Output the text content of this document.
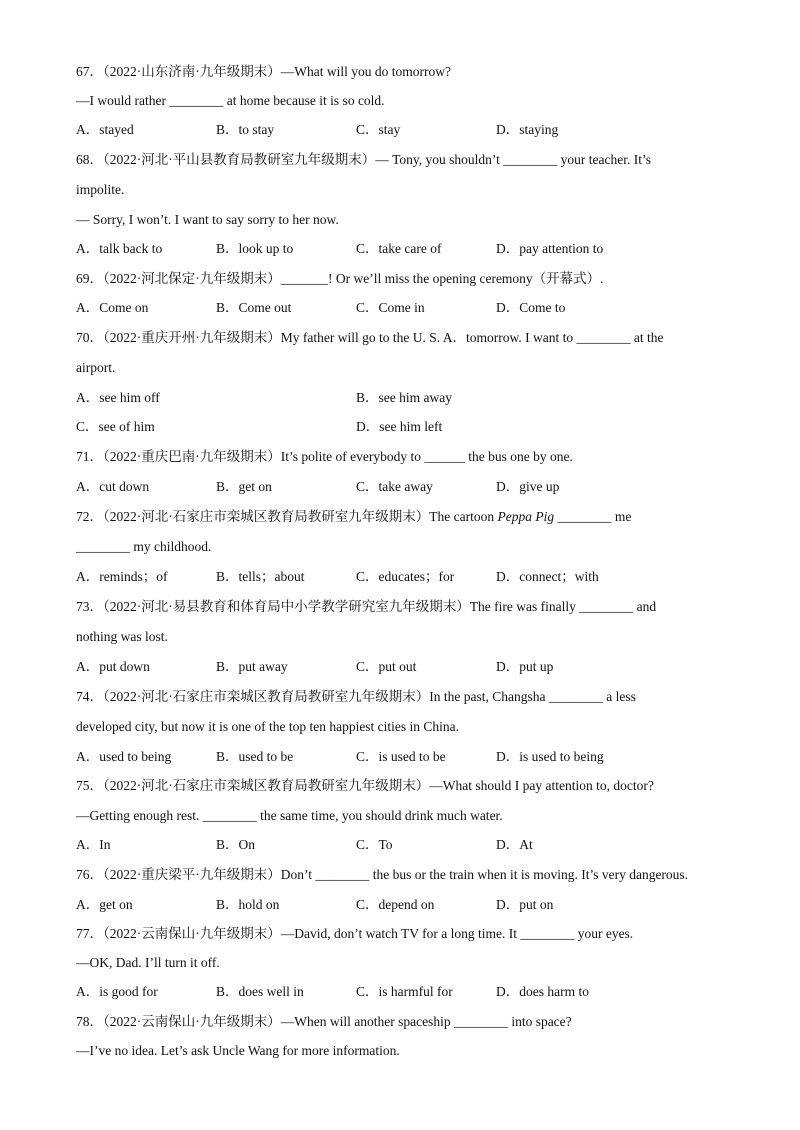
67．（2022·山东济南·九年级期末）—What will you do tomorrow?
—I would rather ________ at home because it is so cold.
A．stayed	B．to stay	C．stay	D．staying
68．（2022·河北·平山县教育局教研室九年级期末）— Tony, you shouldn’t ________ your teacher. It’s
impolite.
— Sorry, I won’t. I want to say sorry to her now.
A．talk back to	B．look up to	C．take care of	D．pay attention to
69．（2022·河北保定·九年级期末）_______! Or we’ll miss the opening ceremony（开幕式）.
A．Come on	B．Come out	C．Come in	D．Come to
70．（2022·重庆开州·九年级期末）My father will go to the U. S. A．tomorrow. I want to ________ at the
airport.
A．see him off	B．see him away
C．see of him	D．see him left
71．（2022·重庆巴南·九年级期末）It’s polite of everybody to ______ the bus one by one.
A．cut down	B．get on	C．take away	D．give up
72．（2022·河北·石家庄市栾城区教育局教研室九年级期末）The cartoon Peppa Pig ________ me
________ my childhood.
A．reminds；of	B．tells；about	C．educates；for	D．connect；with
73．（2022·河北·易县教育和体育局中小学教学研究室九年级期末）The fire was finally ________ and
nothing was lost.
A．put down	B．put away	C．put out	D．put up
74．（2022·河北·石家庄市栾城区教育局教研室九年级期末）In the past, Changsha ________ a less
developed city, but now it is one of the top ten happiest cities in China.
A．used to being	B．used to be	C．is used to be	D．is used to being
75．（2022·河北·石家庄市栾城区教育局教研室九年级期末）—What should I pay attention to, doctor?
—Getting enough rest. ________ the same time, you should drink much water.
A．In	B．On	C．To	D．At
76．（2022·重庆梁平·九年级期末）Don’t ________ the bus or the train when it is moving. It’s very dangerous.
A．get on	B．hold on	C．depend on	D．put on
77．（2022·云南保山·九年级期末）—David, don’t watch TV for a long time. It ________ your eyes.
—OK, Dad. I’ll turn it off.
A．is good for	B．does well in	C．is harmful for	D．does harm to
78．（2022·云南保山·九年级期末）—When will another spaceship ________ into space?
—I’ve no idea. Let’s ask Uncle Wang for more information.
